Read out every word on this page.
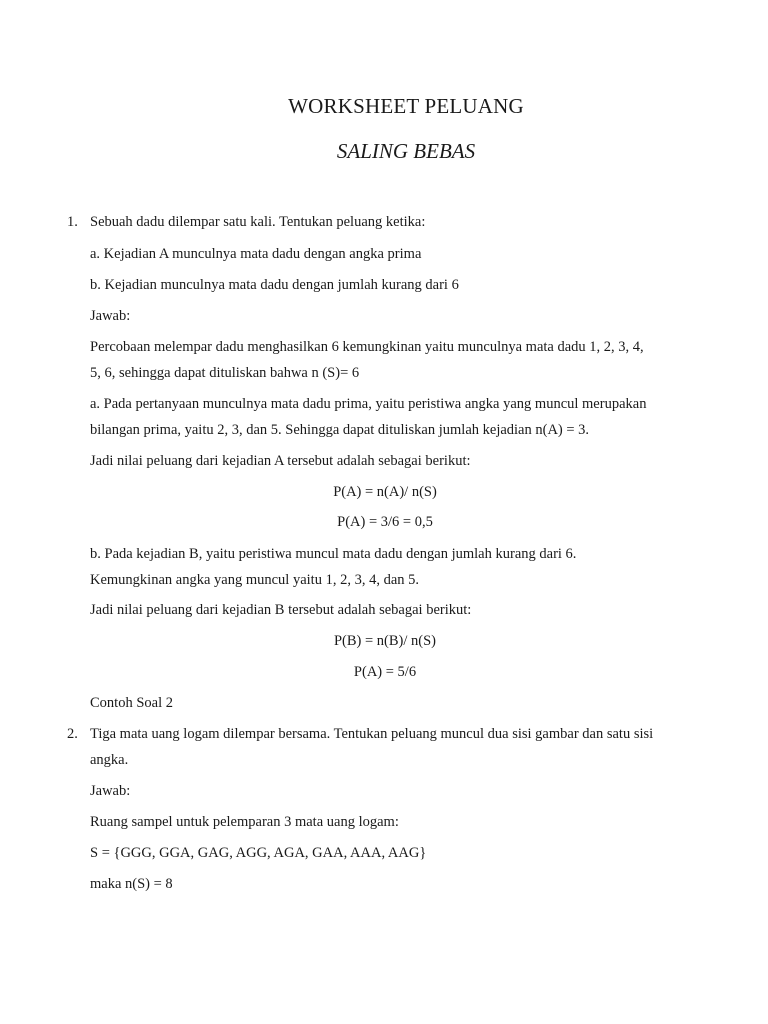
WORKSHEET PELUANG
SALING BEBAS
1. Sebuah dadu dilempar satu kali. Tentukan peluang ketika:
a. Kejadian A munculnya mata dadu dengan angka prima
b. Kejadian munculnya mata dadu dengan jumlah kurang dari 6
Jawab:
Percobaan melempar dadu menghasilkan 6 kemungkinan yaitu munculnya mata dadu 1, 2, 3, 4,
5, 6, sehingga dapat dituliskan bahwa n (S)= 6
a. Pada pertanyaan munculnya mata dadu prima, yaitu peristiwa angka yang muncul merupakan
bilangan prima, yaitu 2, 3, dan 5. Sehingga dapat dituliskan jumlah kejadian n(A) = 3.
Jadi nilai peluang dari kejadian A tersebut adalah sebagai berikut:
P(A) = n(A)/ n(S)
P(A) = 3/6 = 0,5
b. Pada kejadian B, yaitu peristiwa muncul mata dadu dengan jumlah kurang dari 6.
Kemungkinan angka yang muncul yaitu 1, 2, 3, 4, dan 5.
Jadi nilai peluang dari kejadian B tersebut adalah sebagai berikut:
P(B) = n(B)/ n(S)
P(A) = 5/6
Contoh Soal 2
2. Tiga mata uang logam dilempar bersama. Tentukan peluang muncul dua sisi gambar dan satu sisi
angka.
Jawab:
Ruang sampel untuk pelemparan 3 mata uang logam:
S = {GGG, GGA, GAG, AGG, AGA, GAA, AAA, AAG}
maka n(S) = 8
